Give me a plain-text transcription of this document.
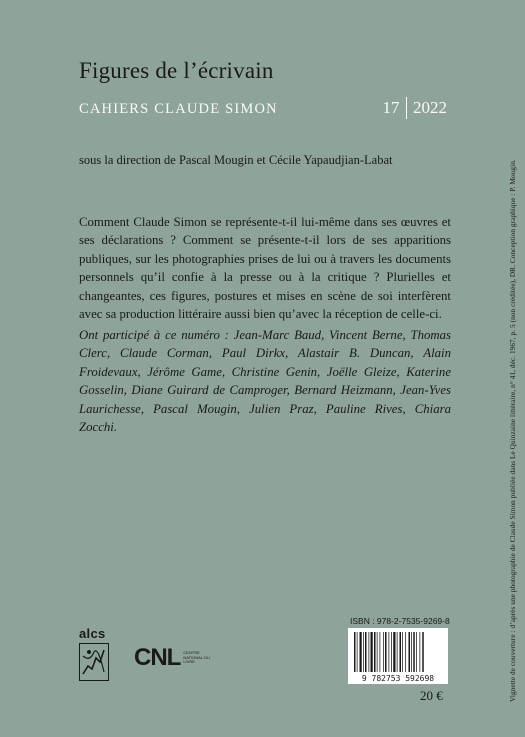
Figures de l’écrivain
CAHIERS CLAUDE SIMON	17 2022
sous la direction de Pascal Mougin et Cécile Yapaudjian-Labat
Comment Claude Simon se représente-t-il lui-même dans ses œuvres et ses déclarations ? Comment se présente-t-il lors de ses apparitions publiques, sur les photographies prises de lui ou à travers les documents personnels qu’il confie à la presse ou à la critique ? Plurielles et changeantes, ces figures, postures et mises en scène de soi interfèrent avec sa production littéraire aussi bien qu’avec la réception de celle-ci.
Ont participé à ce numéro : Jean-Marc Baud, Vincent Berne, Thomas Clerc, Claude Corman, Paul Dirkx, Alastair B. Duncan, Alain Froidevaux, Jérôme Game, Christine Genin, Joëlle Gleize, Katerine Gosselin, Diane Guirard de Camproger, Bernard Heizmann, Jean-Yves Laurichesse, Pascal Mougin, Julien Praz, Pauline Rives, Chiara Zocchi.	Vignette de couverture : d’après une photographie de Claude Simon publiée dans Le Quinzaine littéraire, n° 41, déc. 1967, p. 5 (non créditée), DR. Conception graphique : P. Mougin.
alcs
CNL CENTRE NATIONAL DU LIVRE
ISBN : 978-2-7535-9269-8
9 782753 592698
20 €
